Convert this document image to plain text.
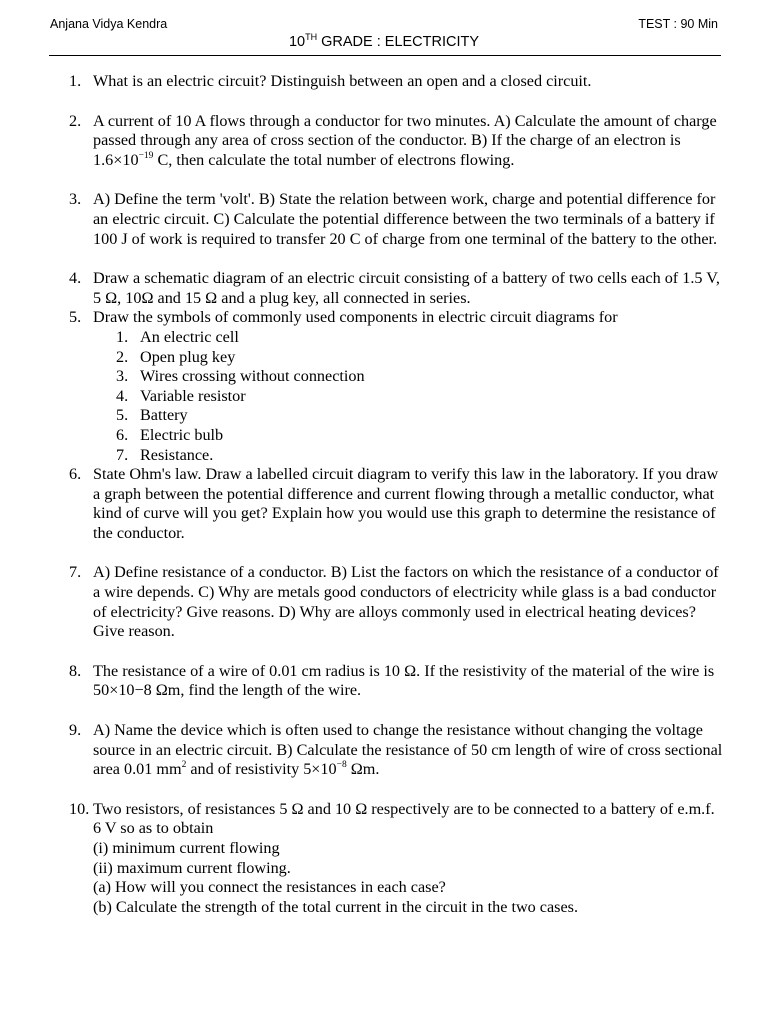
Anjana Vidya Kendra	TEST : 90 Min
10TH GRADE : ELECTRICITY
1. What is an electric circuit? Distinguish between an open and a closed circuit.
2. A current of 10 A flows through a conductor for two minutes. A) Calculate the amount of charge passed through any area of cross section of the conductor. B) If the charge of an electron is $1.6\times 10^{-19}$ C, then calculate the total number of electrons flowing.
3. A) Define the term 'volt'. B) State the relation between work, charge and potential difference for an electric circuit. C) Calculate the potential difference between the two terminals of a battery if 100 J of work is required to transfer 20 C of charge from one terminal of the battery to the other.
4. Draw a schematic diagram of an electric circuit consisting of a battery of two cells each of 1.5 V, 5 Ω, 10Ω and 15 Ω and a plug key, all connected in series.
5. Draw the symbols of commonly used components in electric circuit diagrams for
1. An electric cell
2. Open plug key
3. Wires crossing without connection
4. Variable resistor
5. Battery
6. Electric bulb
7. Resistance.
6. State Ohm's law. Draw a labelled circuit diagram to verify this law in the laboratory. If you draw a graph between the potential difference and current flowing through a metallic conductor, what kind of curve will you get? Explain how you would use this graph to determine the resistance of the conductor.
7. A) Define resistance of a conductor. B) List the factors on which the resistance of a conductor of a wire depends. C) Why are metals good conductors of electricity while glass is a bad conductor of electricity? Give reasons. D) Why are alloys commonly used in electrical heating devices? Give reason.
8. The resistance of a wire of 0.01 cm radius is 10 Ω. If the resistivity of the material of the wire is 50×10−8 Ωm, find the length of the wire.
9. A) Name the device which is often used to change the resistance without changing the voltage source in an electric circuit. B) Calculate the resistance of 50 cm length of wire of cross sectional area 0.01 $mm^2$ and of resistivity $5\times 10^{-8}$ Ωm.
10. Two resistors, of resistances 5 Ω and 10 Ω respectively are to be connected to a battery of e.m.f. 6 V so as to obtain
(i) minimum current flowing
(ii) maximum current flowing.
(a) How will you connect the resistances in each case?
(b) Calculate the strength of the total current in the circuit in the two cases.
